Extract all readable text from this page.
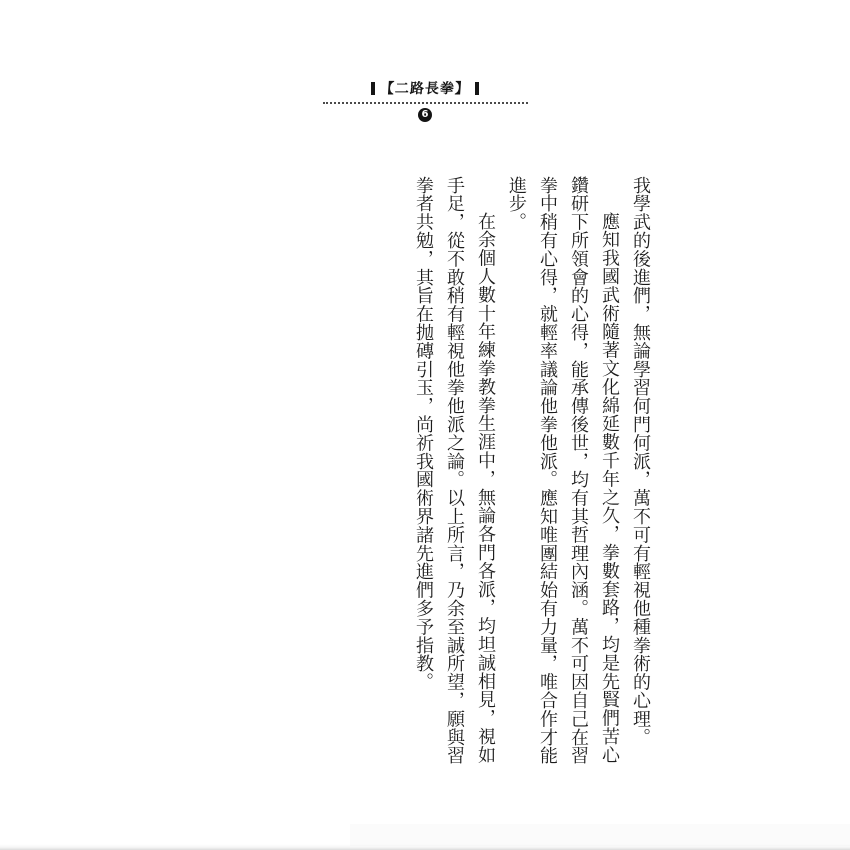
【二路長拳】
6

我學武的後進們，無論學習何門何派，萬不可有輕視他種拳術的心理。

應知我國武術隨著文化綿延數千年之久，拳數套路，均是先賢們苦心鑽研下所領會的心得，能承傳後世，均有其哲理內涵。萬不可因自己在習拳中稍有心得，就輕率議論他拳他派。應知唯團結始有力量，唯合作才能進步。

在余個人數十年練拳教拳生涯中，無論各門各派，均坦誠相見，視如手足，從不敢稍有輕視他拳他派之論。以上所言，乃余至誠所望，願與習拳者共勉，其旨在抛磚引玉，尚祈我國術界諸先進們多予指教。
